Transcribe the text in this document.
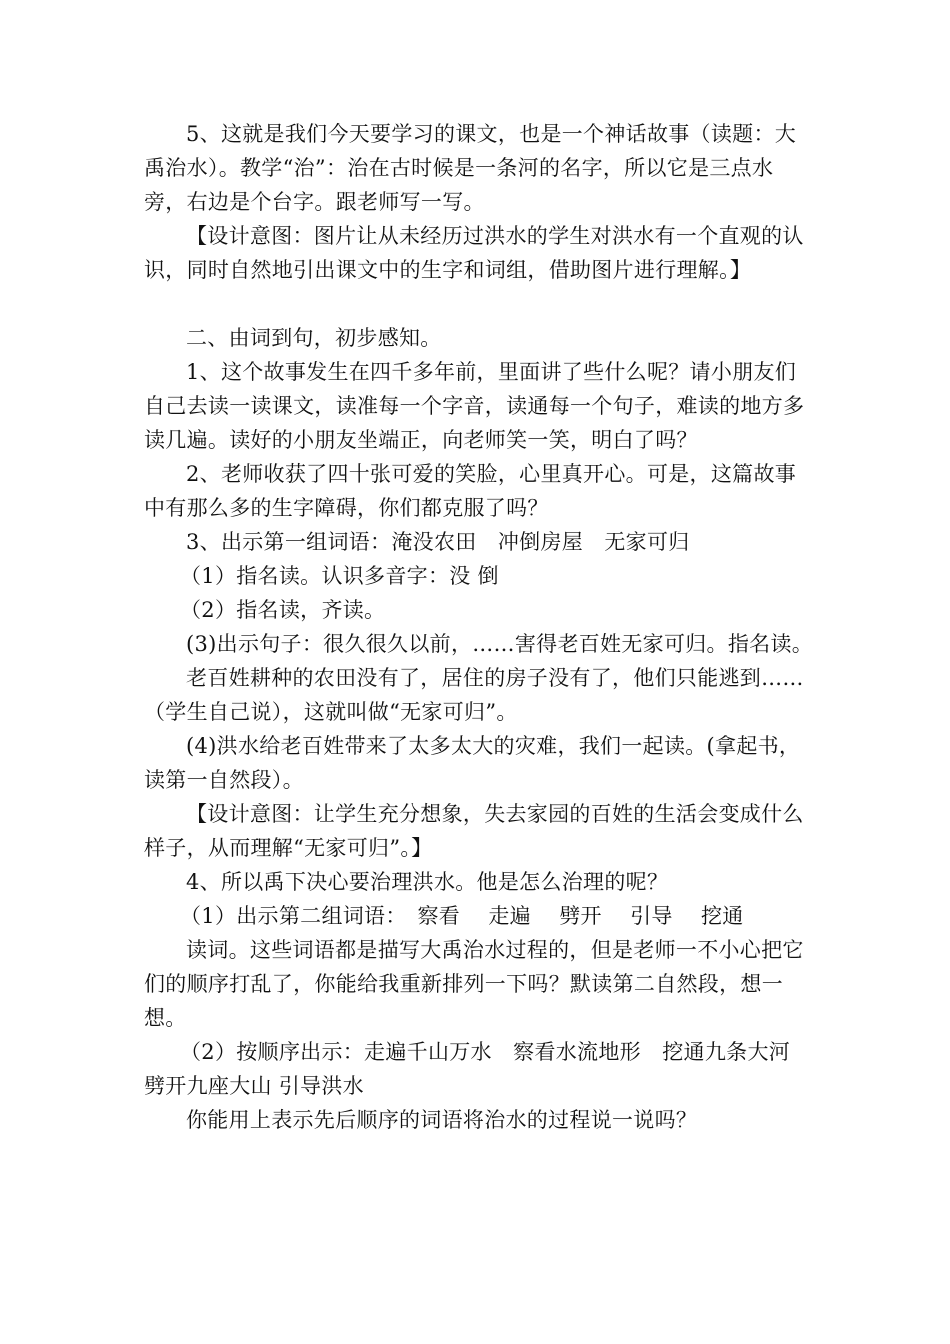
5、这就是我们今天要学习的课文，也是一个神话故事（读题：大禹治水）。教学“治”：治在古时候是一条河的名字，所以它是三点水旁，右边是个台字。跟老师写一写。

【设计意图：图片让从未经历过洪水的学生对洪水有一个直观的认识，同时自然地引出课文中的生字和词组，借助图片进行理解。】

二、由词到句，初步感知。

1、这个故事发生在四千多年前，里面讲了些什么呢？请小朋友们自己去读一读课文，读准每一个字音，读通每一个句子，难读的地方多读几遍。读好的小朋友坐端正，向老师笑一笑，明白了吗？

2、老师收获了四十张可爱的笑脸，心里真开心。可是，这篇故事中有那么多的生字障碍，你们都克服了吗？

3、出示第一组词语：淹没农田　冲倒房屋　无家可归

（1）指名读。认识多音字：没 倒

（2）指名读，齐读。

(3)出示句子：很久很久以前，……害得老百姓无家可归。指名读。

老百姓耕种的农田没有了，居住的房子没有了，他们只能逃到……（学生自己说），这就叫做“无家可归”。

(4)洪水给老百姓带来了太多太大的灾难，我们一起读。(拿起书，读第一自然段）。

【设计意图：让学生充分想象，失去家园的百姓的生活会变成什么样子，从而理解“无家可归”。】

4、所以禹下决心要治理洪水。他是怎么治理的呢？

（1）出示第二组词语：　察看　 走遍　 劈开　 引导　 挖通

读词。这些词语都是描写大禹治水过程的，但是老师一不小心把它们的顺序打乱了，你能给我重新排列一下吗？默读第二自然段，想一想。

（2）按顺序出示：走遍千山万水　察看水流地形　挖通九条大河　劈开九座大山 引导洪水

你能用上表示先后顺序的词语将治水的过程说一说吗？
